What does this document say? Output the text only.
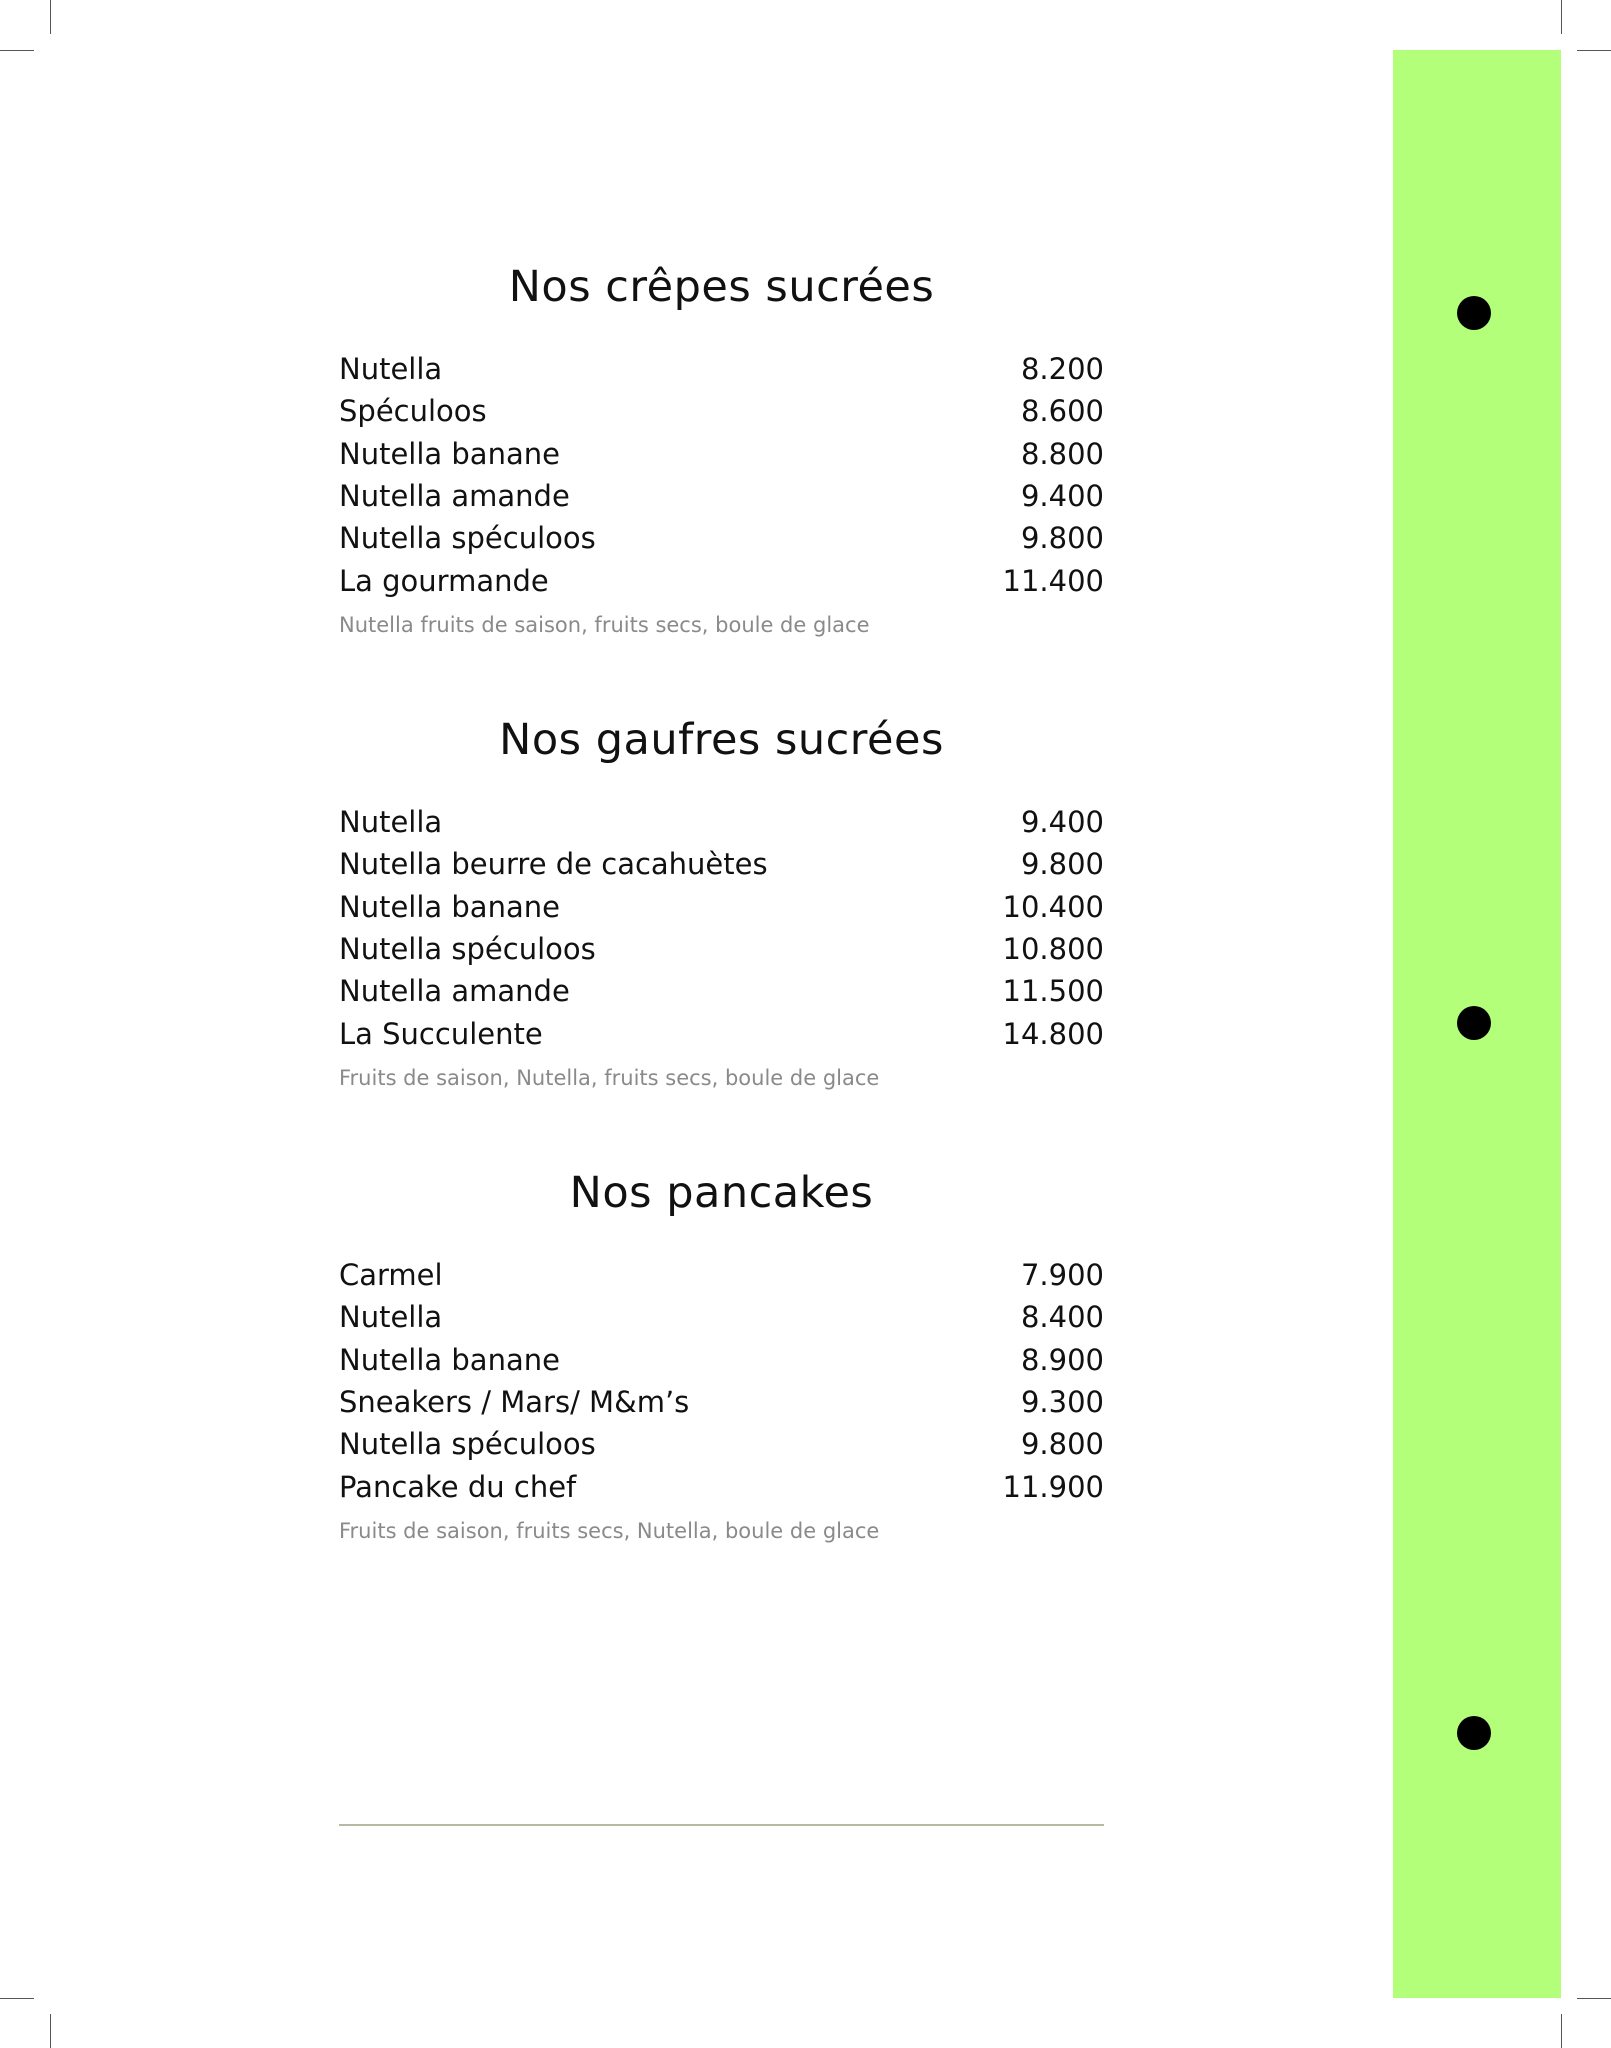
Nos crêpes sucrées
Nutella	8.200
Spéculoos	8.600
Nutella banane	8.800
Nutella amande	9.400
Nutella spéculoos	9.800
La gourmande	11.400
Nutella fruits de saison, fruits secs, boule de glace
Nos gaufres sucrées
Nutella	9.400
Nutella beurre de cacahuètes	9.800
Nutella banane	10.400
Nutella spéculoos	10.800
Nutella amande	11.500
La Succulente	14.800
Fruits de saison, Nutella, fruits secs, boule de glace
Nos pancakes
Carmel	7.900
Nutella	8.400
Nutella banane	8.900
Sneakers / Mars/ M&m’s	9.300
Nutella spéculoos	9.800
Pancake du chef	11.900
Fruits de saison, fruits secs, Nutella, boule de glace
